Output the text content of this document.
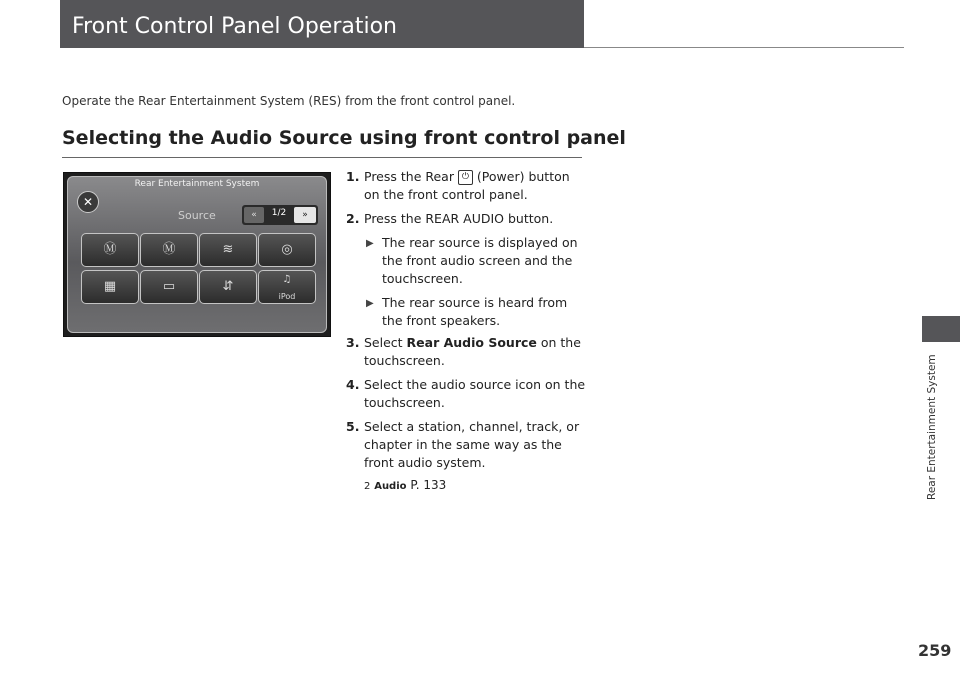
Front Control Panel Operation
Operate the Rear Entertainment System (RES) from the front control panel.
Selecting the Audio Source using front control panel
Rear Entertainment System
✕
Source	«	1/2	»
Ⓜ	Ⓜ	≋	◎
▦	▭	⇵	♫
iPod
1. Press the Rear ⏻ (Power) button on the front control panel.
2. Press the REAR AUDIO button.
▶ The rear source is displayed on the front audio screen and the touchscreen.
▶ The rear source is heard from the front speakers.
3. Select Rear Audio Source on the touchscreen.
4. Select the audio source icon on the touchscreen.
5. Select a station, channel, track, or chapter in the same way as the front audio system.
2 Audio P. 133	Rear Entertainment System
259
